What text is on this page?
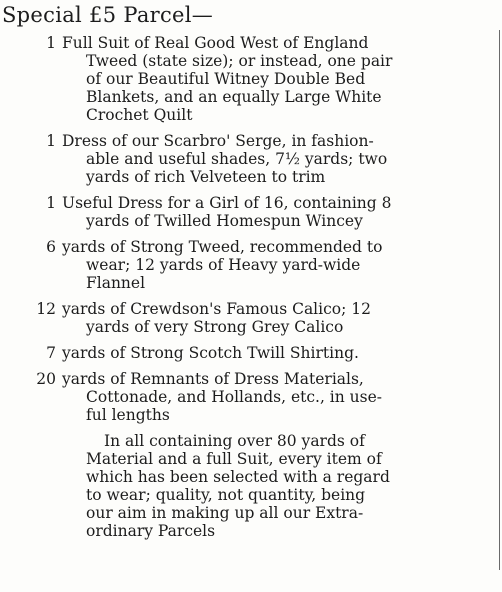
Special £5 Parcel—
1 Full Suit of Real Good West of England
Tweed (state size); or instead, one pair
of our Beautiful Witney Double Bed
Blankets, and an equally Large White
Crochet Quilt
1 Dress of our Scarbro' Serge, in fashion-
able and useful shades, 7½ yards; two
yards of rich Velveteen to trim
1 Useful Dress for a Girl of 16, containing 8
yards of Twilled Homespun Wincey
6 yards of Strong Tweed, recommended to
wear; 12 yards of Heavy yard-wide
Flannel
12 yards of Crewdson's Famous Calico; 12
yards of very Strong Grey Calico
7 yards of Strong Scotch Twill Shirting.
20 yards of Remnants of Dress Materials,
Cottonade, and Hollands, etc., in use-
ful lengths
In all containing over 80 yards of
Material and a full Suit, every item of
which has been selected with a regard
to wear; quality, not quantity, being
our aim in making up all our Extra-
ordinary Parcels
